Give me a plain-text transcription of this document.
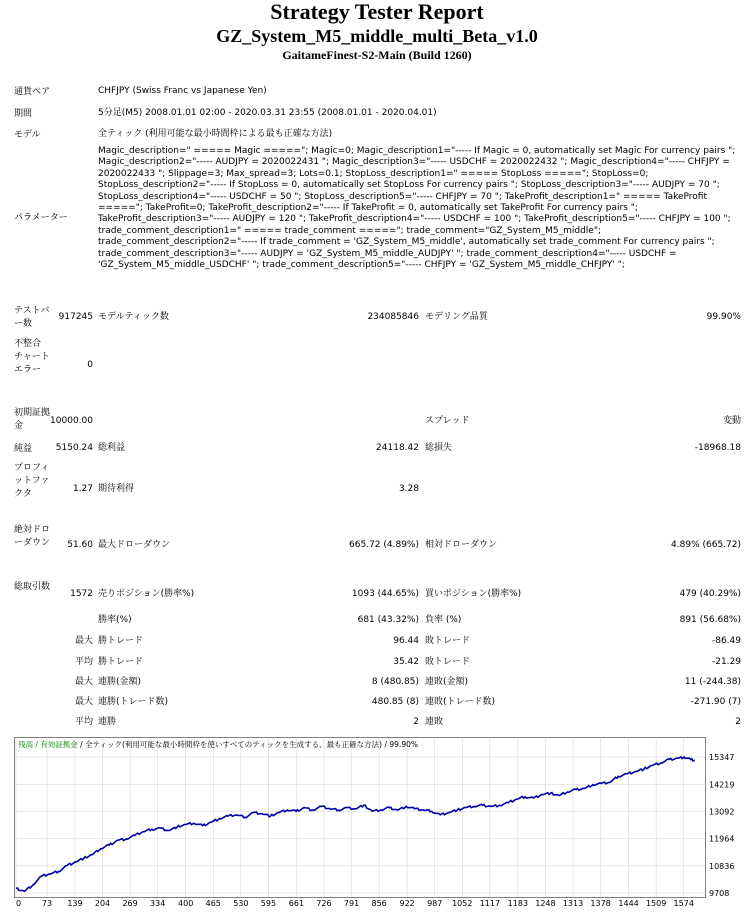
Strategy Tester Report
GZ_System_M5_middle_multi_Beta_v1.0
GaitameFinest-S2-Main (Build 1260)
通貨ペア	CHFJPY (Swiss Franc vs Japanese Yen)
期間	5分足(M5) 2008.01.01 02:00 - 2020.03.31 23:55 (2008.01.01 - 2020.04.01)
モデル	全ティック (利用可能な最小時間枠による最も正確な方法)
パラメーター
Magic_description=" ===== Magic ====="; Magic=0; Magic_description1="----- If Magic = 0, automatically set Magic For currency pairs "; Magic_description2="----- AUDJPY = 2020022431 "; Magic_description3="----- USDCHF = 2020022432 "; Magic_description4="----- CHFJPY = 2020022433 "; Slippage=3; Max_spread=3; Lots=0.1; StopLoss_description1=" ===== StopLoss ====="; StopLoss=0; StopLoss_description2="----- If StopLoss = 0, automatically set StopLoss For currency pairs "; StopLoss_description3="----- AUDJPY = 70 "; StopLoss_description4="----- USDCHF = 50 "; StopLoss_description5="----- CHFJPY = 70 "; TakeProfit_description1=" ===== TakeProfit ====="; TakeProfit=0; TakeProfit_description2="----- If TakeProfit = 0, automatically set TakeProfit For currency pairs "; TakeProfit_description3="----- AUDJPY = 120 "; TakeProfit_description4="----- USDCHF = 100 "; TakeProfit_description5="----- CHFJPY = 100 "; trade_comment_description1=" ===== trade_comment ====="; trade_comment="GZ_System_M5_middle"; trade_comment_description2="----- If trade_comment = 'GZ_System_M5_middle', automatically set trade_comment For currency pairs "; trade_comment_description3="----- AUDJPY = 'GZ_System_M5_middle_AUDJPY' "; trade_comment_description4="----- USDCHF = 'GZ_System_M5_middle_USDCHF' "; trade_comment_description5="----- CHFJPY = 'GZ_System_M5_middle_CHFJPY' ";
テストバー数
917245 モデルティック数	234085846 モデリング品質	99.90%
不整合チャートエラー	0
初期証拠金	10000.00	スプレッド	変動
純益	5150.24 総利益	24118.42 総損失	-18968.18
プロフィットファクタ	1.27 期待利得	3.28
絶対ドローダウン 51.60 最大ドローダウン	665.72 (4.89%) 相対ドローダウン	4.89% (665.72)
総取引数
1572 売りポジション(勝率%)	1093 (44.65%) 買いポジション(勝率%)	479 (40.29%)
勝率(%)	681 (43.32%) 負率 (%)	891 (56.68%)
最大 勝トレード	96.44 敗トレード	-86.49
平均 勝トレード	35.42 敗トレード	-21.29
最大 連勝(金額)	8 (480.85) 連敗(金額)	11 (-244.38)
最大 連勝(トレード数)	480.85 (8) 連敗(トレード数)	-271.90 (7)
平均 連勝	2 連敗	2
残高 / 有効証拠金 / 全ティック(利用可能な最小時間枠を使いすべてのティックを生成する、最も正確な方法) / 99.90%
9708
10836
11964
13092
14219
15347
0	73 139 204 269 334 400 465 530 595 661 726 791 856 922 987 1052 1117 1183 1248 1313 1378 1444 1509 1574
